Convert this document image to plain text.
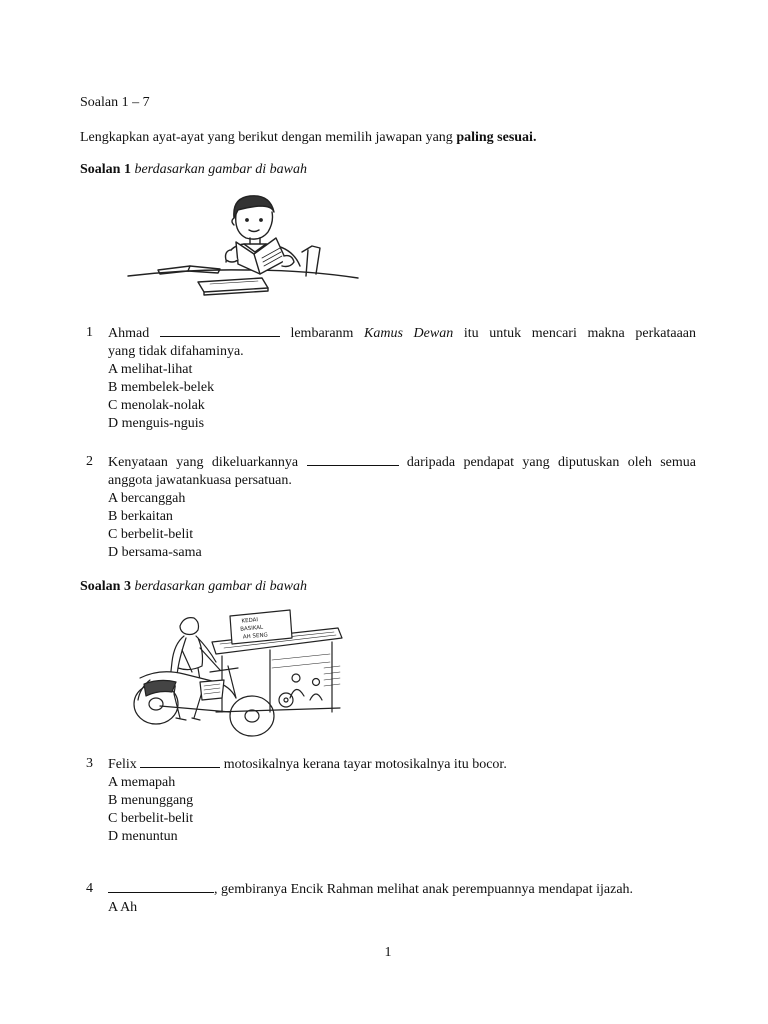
Soalan 1 – 7
Lengkapkan ayat-ayat yang berikut dengan memilih jawapan yang paling sesuai.
Soalan 1 berdasarkan gambar di bawah
1 Ahmad	lembaranm Kamus Dewan itu untuk mencari makna perkataaan
yang tidak difahaminya.
A melihat-lihat
B membelek-belek
C menolak-nolak
D menguis-nguis
2 Kenyataan yang dikeluarkannya	daripada pendapat yang diputuskan oleh semua
anggota jawatankuasa persatuan.
A bercanggah
B berkaitan
C berbelit-belit
D bersama-sama
Soalan 3 berdasarkan gambar di bawah
KEDAI
BASIKAL
AH SENG
3 Felix	motosikalnya kerana tayar motosikalnya itu bocor.
A memapah
B menunggang
C berbelit-belit
D menuntun
4	, gembiranya Encik Rahman melihat anak perempuannya mendapat ijazah.
A Ah
1
